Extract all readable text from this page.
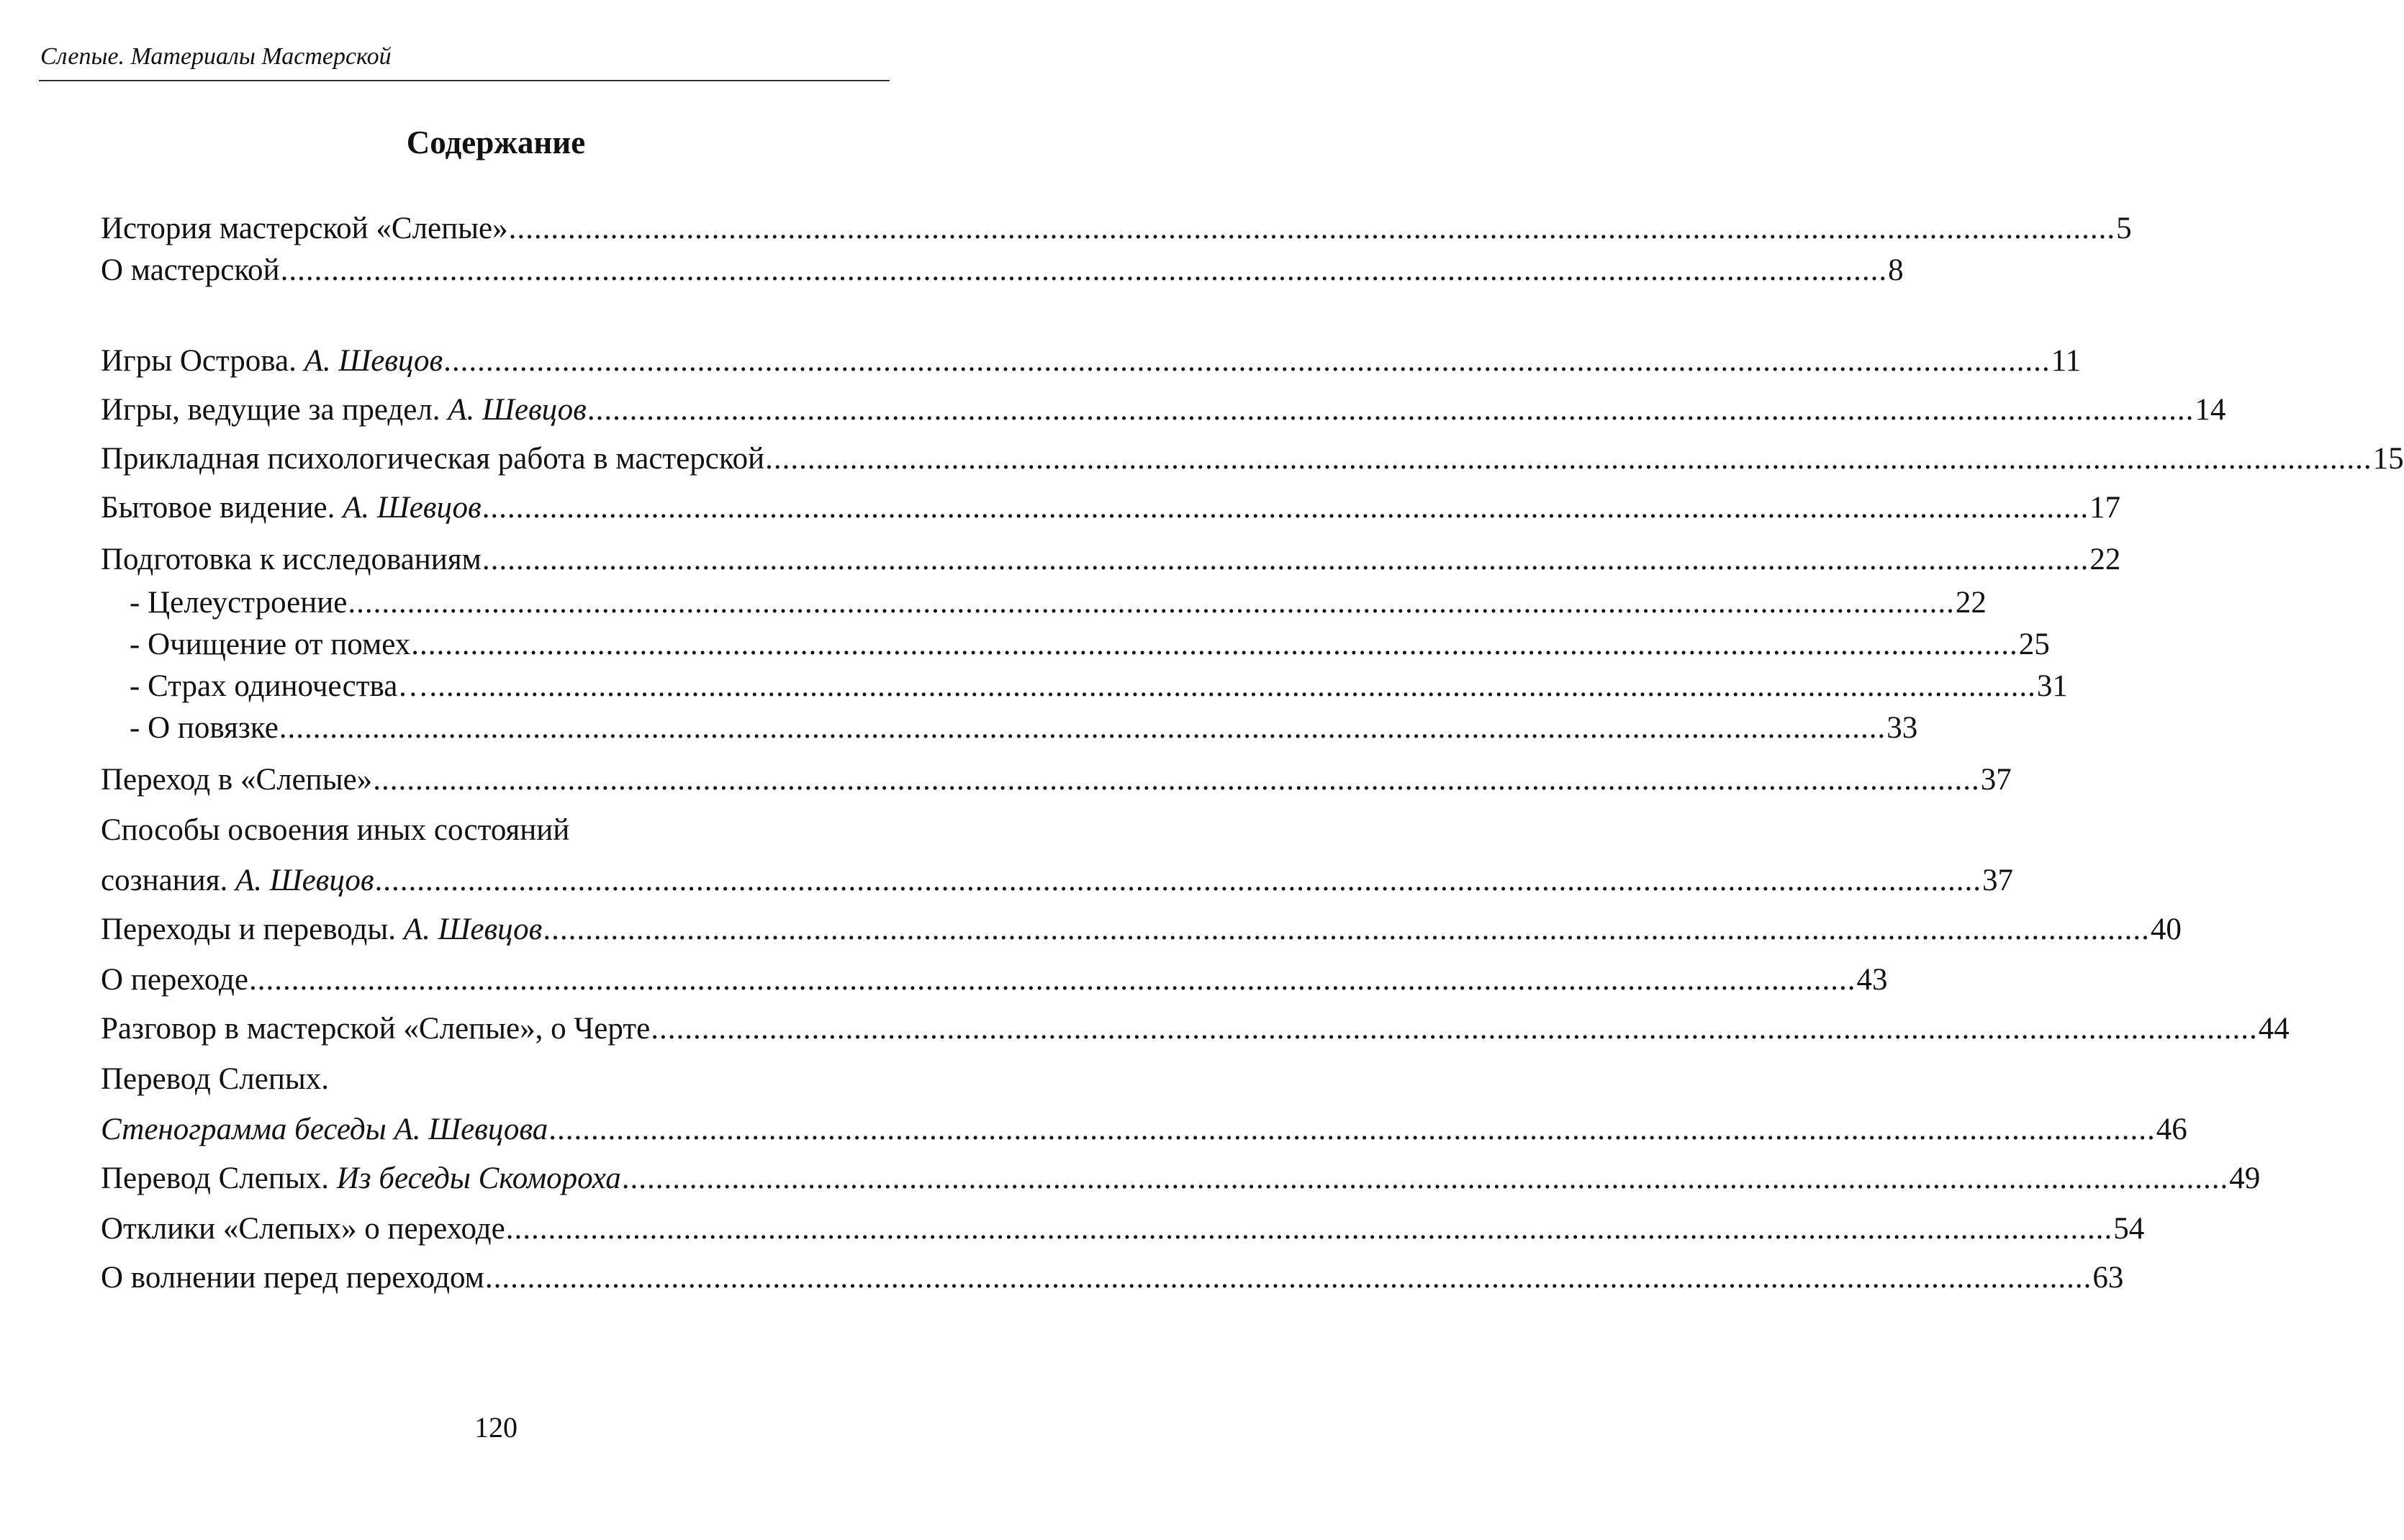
Слепые. Материалы Мастерской
Содержание
История мастерской «Слепые» .............................................................................................................................................................................................. 5
О мастерской .............................................................................................................................................................................................. 8
Игры Острова. А. Шевцов .............................................................................................................................................................................................. 11
Игры, ведущие за предел. А. Шевцов .............................................................................................................................................................................................. 14
Прикладная психологическая работа в мастерской .............................................................................................................................................................................................. 15
Бытовое видение. А. Шевцов .............................................................................................................................................................................................. 17
Подготовка к исследованиям .............................................................................................................................................................................................. 22
- Целеустроение .............................................................................................................................................................................................. 22
- Очищение от помех .............................................................................................................................................................................................. 25
- Страх одиночества… .............................................................................................................................................................................................. 31
- О повязке .............................................................................................................................................................................................. 33
Переход в «Слепые» .............................................................................................................................................................................................. 37
Способы освоения иных состояний
сознания. А. Шевцов .............................................................................................................................................................................................. 37
Переходы и переводы. А. Шевцов .............................................................................................................................................................................................. 40
О переходе .............................................................................................................................................................................................. 43
Разговор в мастерской «Слепые», о Черте .............................................................................................................................................................................................. 44
Перевод Слепых.
Стенограмма беседы А. Шевцова .............................................................................................................................................................................................. 46
Перевод Слепых. Из беседы Скомороха .............................................................................................................................................................................................. 49
Отклики «Слепых» о переходе .............................................................................................................................................................................................. 54
О волнении перед переходом .............................................................................................................................................................................................. 63
120
